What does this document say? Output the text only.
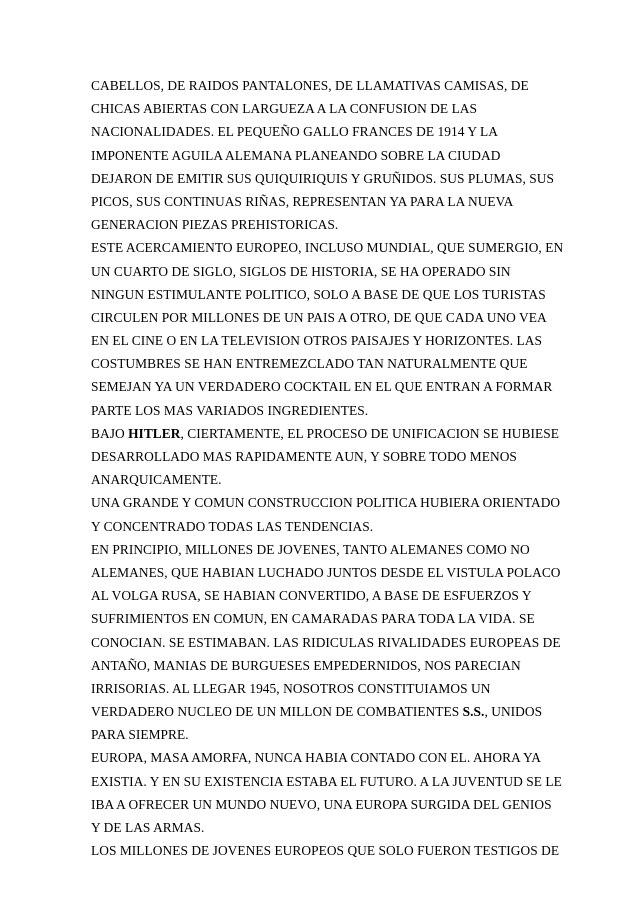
CABELLOS, DE RAIDOS PANTALONES, DE LLAMATIVAS CAMISAS, DE
CHICAS ABIERTAS CON LARGUEZA A LA CONFUSION DE LAS
NACIONALIDADES. EL PEQUEÑO GALLO FRANCES DE 1914 Y LA
IMPONENTE AGUILA ALEMANA PLANEANDO SOBRE LA CIUDAD
DEJARON DE EMITIR SUS QUIQUIRIQUIS Y GRUÑIDOS. SUS PLUMAS, SUS
PICOS, SUS CONTINUAS RIÑAS, REPRESENTAN YA PARA LA NUEVA
GENERACION PIEZAS PREHISTORICAS.
ESTE ACERCAMIENTO EUROPEO, INCLUSO MUNDIAL, QUE SUMERGIO, EN
UN CUARTO DE SIGLO, SIGLOS DE HISTORIA, SE HA OPERADO SIN
NINGUN ESTIMULANTE POLITICO, SOLO A BASE DE QUE LOS TURISTAS
CIRCULEN POR MILLONES DE UN PAIS A OTRO, DE QUE CADA UNO VEA
EN EL CINE O EN LA TELEVISION OTROS PAISAJES Y HORIZONTES. LAS
COSTUMBRES SE HAN ENTREMEZCLADO TAN NATURALMENTE QUE
SEMEJAN YA UN VERDADERO COCKTAIL EN EL QUE ENTRAN A FORMAR
PARTE LOS MAS VARIADOS INGREDIENTES.
BAJO HITLER, CIERTAMENTE, EL PROCESO DE UNIFICACION SE HUBIESE
DESARROLLADO MAS RAPIDAMENTE AUN, Y SOBRE TODO MENOS
ANARQUICAMENTE.
UNA GRANDE Y COMUN CONSTRUCCION POLITICA HUBIERA ORIENTADO
Y CONCENTRADO TODAS LAS TENDENCIAS.
EN PRINCIPIO, MILLONES DE JOVENES, TANTO ALEMANES COMO NO
ALEMANES, QUE HABIAN LUCHADO JUNTOS DESDE EL VISTULA POLACO
AL VOLGA RUSA, SE HABIAN CONVERTIDO, A BASE DE ESFUERZOS Y
SUFRIMIENTOS EN COMUN, EN CAMARADAS PARA TODA LA VIDA. SE
CONOCIAN. SE ESTIMABAN. LAS RIDICULAS RIVALIDADES EUROPEAS DE
ANTAÑO, MANIAS DE BURGUESES EMPEDERNIDOS, NOS PARECIAN
IRRISORIAS. AL LLEGAR 1945, NOSOTROS CONSTITUIAMOS UN
VERDADERO NUCLEO DE UN MILLON DE COMBATIENTES S.S., UNIDOS
PARA SIEMPRE.
EUROPA, MASA AMORFA, NUNCA HABIA CONTADO CON EL. AHORA YA
EXISTIA. Y EN SU EXISTENCIA ESTABA EL FUTURO. A LA JUVENTUD SE LE
IBA A OFRECER UN MUNDO NUEVO, UNA EUROPA SURGIDA DEL GENIOS
Y DE LAS ARMAS.
LOS MILLONES DE JOVENES EUROPEOS QUE SOLO FUERON TESTIGOS DE
